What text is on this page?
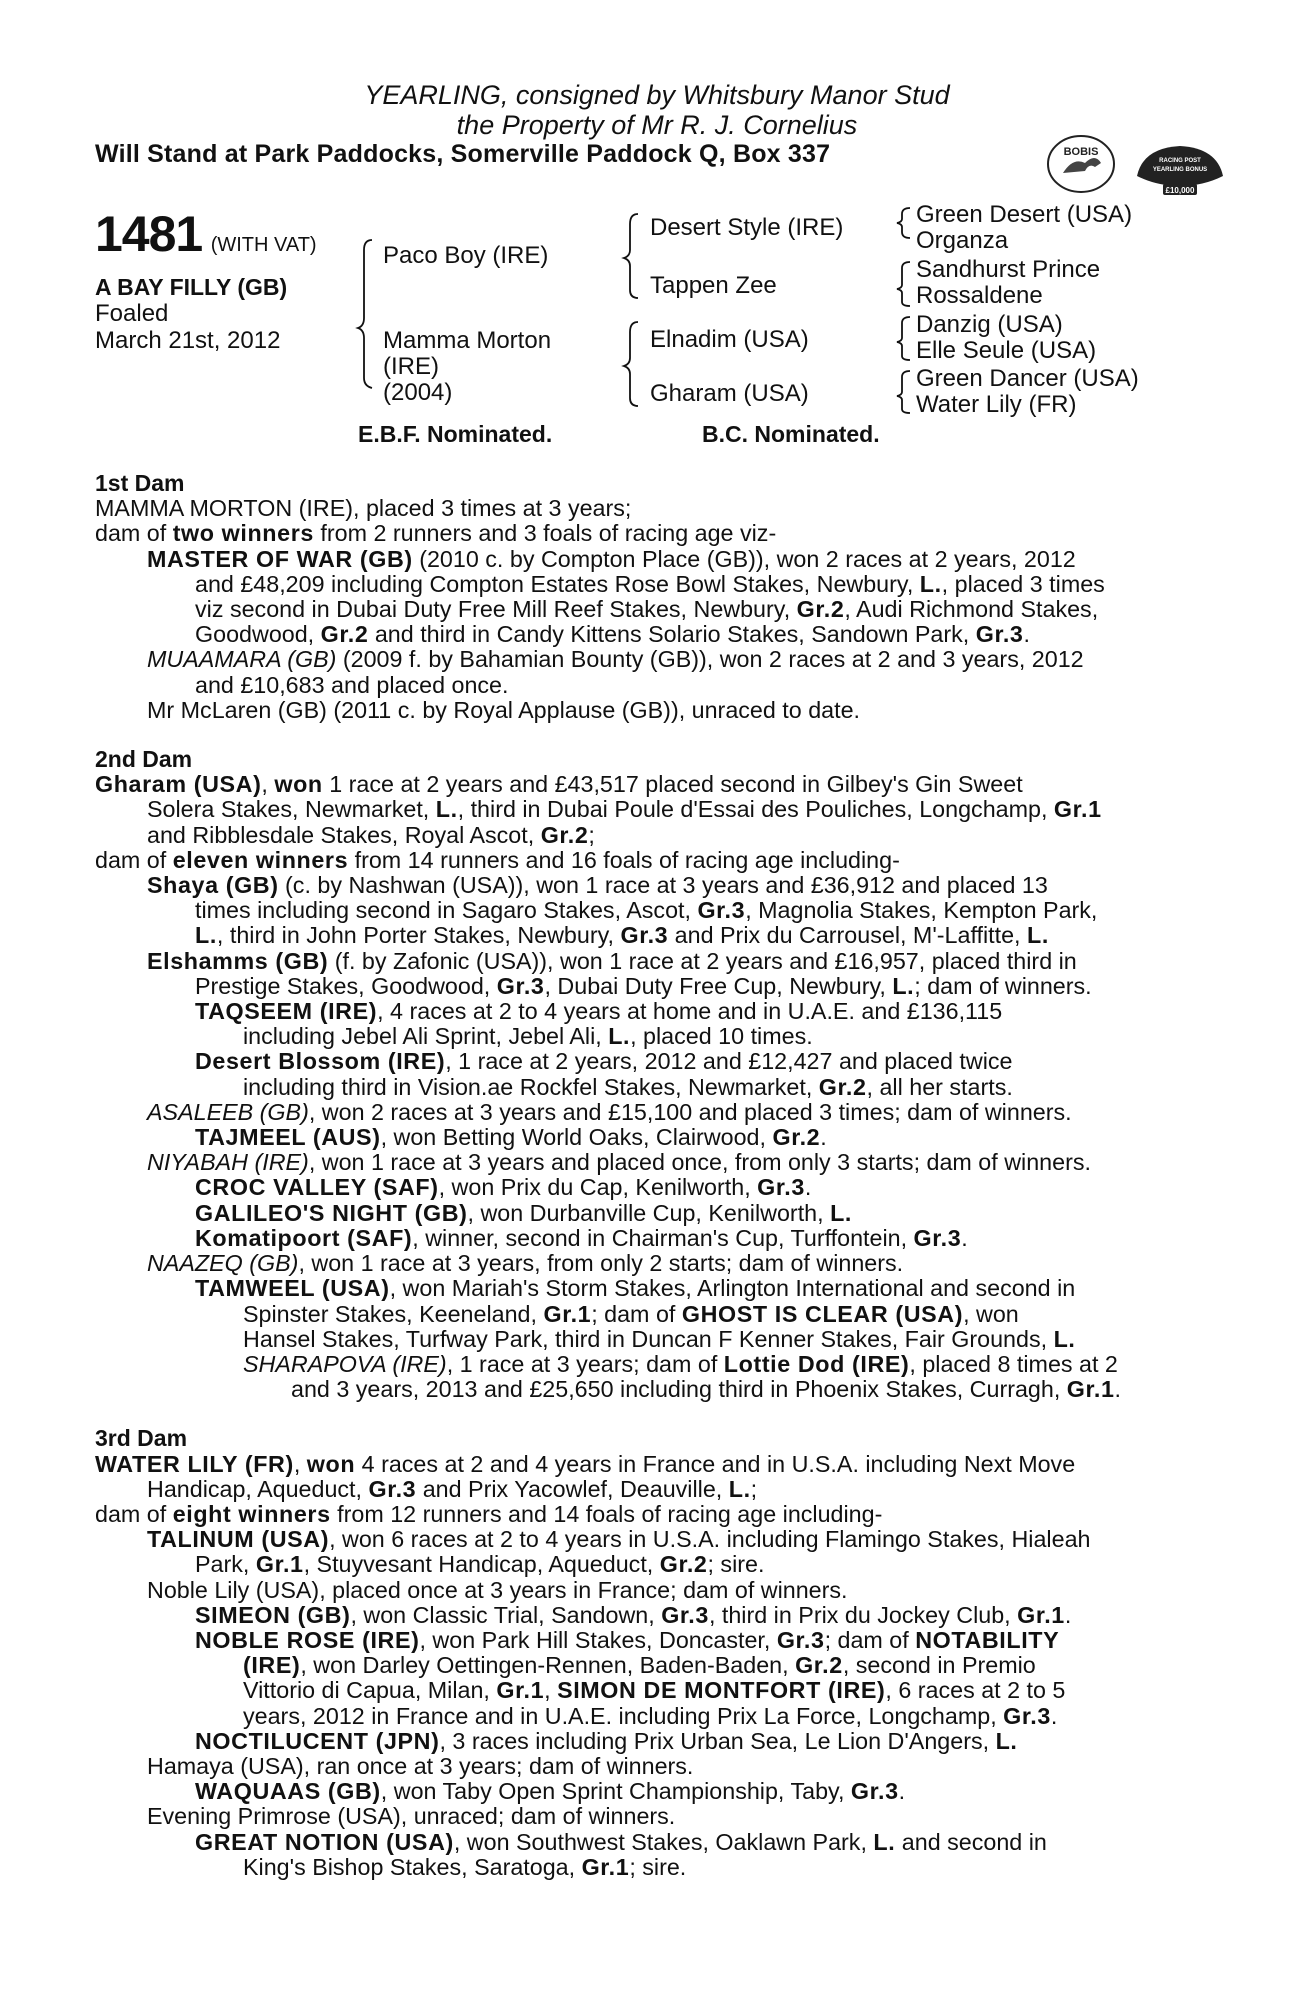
YEARLING, consigned by Whitsbury Manor Stud
the Property of Mr R. J. Cornelius
Will Stand at Park Paddocks, Somerville Paddock Q, Box 337	BOBIS
RACING POST
YEARLING BONUS
£10,000
1481 (WITH VAT)
A BAY FILLY (GB)
Foaled
March 21st, 2012
Paco Boy (IRE)
Mamma Morton
(IRE)
(2004)
Desert Style (IRE)
Tappen Zee
Elnadim (USA)
Gharam (USA)
Green Desert (USA)
Organza
Sandhurst Prince
Rossaldene
Danzig (USA)
Elle Seule (USA)
Green Dancer (USA)
Water Lily (FR)
E.B.F. Nominated.	B.C. Nominated.
1st Dam
MAMMA MORTON (IRE), placed 3 times at 3 years;
dam of two winners from 2 runners and 3 foals of racing age viz-
MASTER OF WAR (GB) (2010 c. by Compton Place (GB)), won 2 races at 2 years, 2012
and £48,209 including Compton Estates Rose Bowl Stakes, Newbury, L., placed 3 times
viz second in Dubai Duty Free Mill Reef Stakes, Newbury, Gr.2, Audi Richmond Stakes,
Goodwood, Gr.2 and third in Candy Kittens Solario Stakes, Sandown Park, Gr.3.
MUAAMARA (GB) (2009 f. by Bahamian Bounty (GB)), won 2 races at 2 and 3 years, 2012
and £10,683 and placed once.
Mr McLaren (GB) (2011 c. by Royal Applause (GB)), unraced to date.
2nd Dam
Gharam (USA), won 1 race at 2 years and £43,517 placed second in Gilbey's Gin Sweet
Solera Stakes, Newmarket, L., third in Dubai Poule d'Essai des Pouliches, Longchamp, Gr.1
and Ribblesdale Stakes, Royal Ascot, Gr.2;
dam of eleven winners from 14 runners and 16 foals of racing age including-
Shaya (GB) (c. by Nashwan (USA)), won 1 race at 3 years and £36,912 and placed 13
times including second in Sagaro Stakes, Ascot, Gr.3, Magnolia Stakes, Kempton Park,
L., third in John Porter Stakes, Newbury, Gr.3 and Prix du Carrousel, M'-Laffitte, L.
Elshamms (GB) (f. by Zafonic (USA)), won 1 race at 2 years and £16,957, placed third in
Prestige Stakes, Goodwood, Gr.3, Dubai Duty Free Cup, Newbury, L.; dam of winners.
TAQSEEM (IRE), 4 races at 2 to 4 years at home and in U.A.E. and £136,115
including Jebel Ali Sprint, Jebel Ali, L., placed 10 times.
Desert Blossom (IRE), 1 race at 2 years, 2012 and £12,427 and placed twice
including third in Vision.ae Rockfel Stakes, Newmarket, Gr.2, all her starts.
ASALEEB (GB), won 2 races at 3 years and £15,100 and placed 3 times; dam of winners.
TAJMEEL (AUS), won Betting World Oaks, Clairwood, Gr.2.
NIYABAH (IRE), won 1 race at 3 years and placed once, from only 3 starts; dam of winners.
CROC VALLEY (SAF), won Prix du Cap, Kenilworth, Gr.3.
GALILEO'S NIGHT (GB), won Durbanville Cup, Kenilworth, L.
Komatipoort (SAF), winner, second in Chairman's Cup, Turffontein, Gr.3.
NAAZEQ (GB), won 1 race at 3 years, from only 2 starts; dam of winners.
TAMWEEL (USA), won Mariah's Storm Stakes, Arlington International and second in
Spinster Stakes, Keeneland, Gr.1; dam of GHOST IS CLEAR (USA), won
Hansel Stakes, Turfway Park, third in Duncan F Kenner Stakes, Fair Grounds, L.
SHARAPOVA (IRE), 1 race at 3 years; dam of Lottie Dod (IRE), placed 8 times at 2
and 3 years, 2013 and £25,650 including third in Phoenix Stakes, Curragh, Gr.1.
3rd Dam
WATER LILY (FR), won 4 races at 2 and 4 years in France and in U.S.A. including Next Move
Handicap, Aqueduct, Gr.3 and Prix Yacowlef, Deauville, L.;
dam of eight winners from 12 runners and 14 foals of racing age including-
TALINUM (USA), won 6 races at 2 to 4 years in U.S.A. including Flamingo Stakes, Hialeah
Park, Gr.1, Stuyvesant Handicap, Aqueduct, Gr.2; sire.
Noble Lily (USA), placed once at 3 years in France; dam of winners.
SIMEON (GB), won Classic Trial, Sandown, Gr.3, third in Prix du Jockey Club, Gr.1.
NOBLE ROSE (IRE), won Park Hill Stakes, Doncaster, Gr.3; dam of NOTABILITY
(IRE), won Darley Oettingen-Rennen, Baden-Baden, Gr.2, second in Premio
Vittorio di Capua, Milan, Gr.1, SIMON DE MONTFORT (IRE), 6 races at 2 to 5
years, 2012 in France and in U.A.E. including Prix La Force, Longchamp, Gr.3.
NOCTILUCENT (JPN), 3 races including Prix Urban Sea, Le Lion D'Angers, L.
Hamaya (USA), ran once at 3 years; dam of winners.
WAQUAAS (GB), won Taby Open Sprint Championship, Taby, Gr.3.
Evening Primrose (USA), unraced; dam of winners.
GREAT NOTION (USA), won Southwest Stakes, Oaklawn Park, L. and second in
King's Bishop Stakes, Saratoga, Gr.1; sire.
